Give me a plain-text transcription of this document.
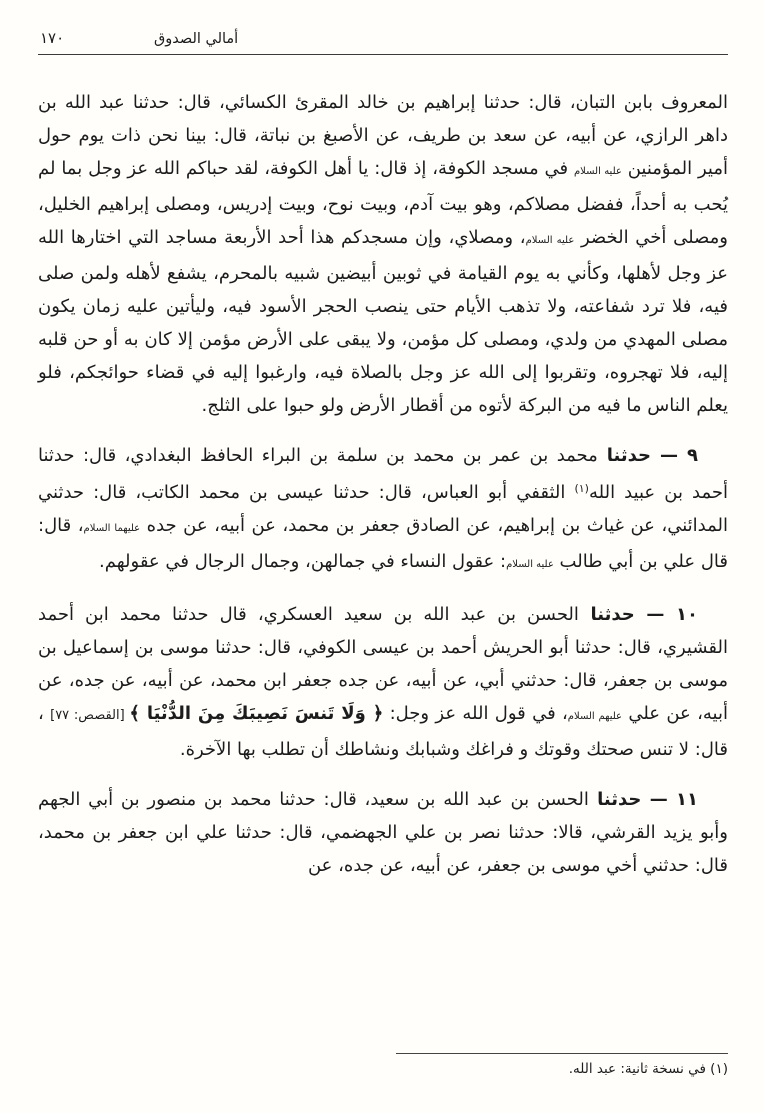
١٧٠	أمالي الصدوق

المعروف بابن التبان، قال: حدثنا إبراهيم بن خالد المقرئ الكسائي، قال: حدثنا عبد الله بن داهر الرازي، عن أبيه، عن سعد بن طريف، عن الأصبغ بن نباتة، قال: بينا نحن ذات يوم حول أمير المؤمنين عليه السلام في مسجد الكوفة، إذ قال: يا أهل الكوفة، لقد حباكم الله عز وجل بما لم يُحب به أحداً، ففضل مصلاكم، وهو بيت آدم، وبيت نوح، وبيت إدريس، ومصلى إبراهيم الخليل، ومصلى أخي الخضر عليه السلام، ومصلاي، وإن مسجدكم هذا أحد الأربعة مساجد التي اختارها الله عز وجل لأهلها، وكأني به يوم القيامة في ثوبين أبيضين شبيه بالمحرم، يشفع لأهله ولمن صلى فيه، فلا ترد شفاعته، ولا تذهب الأيام حتى ينصب الحجر الأسود فيه، وليأتين عليه زمان يكون مصلى المهدي من ولدي، ومصلى كل مؤمن، ولا يبقى على الأرض مؤمن إلا كان به أو حن قلبه إليه، فلا تهجروه، وتقربوا إلى الله عز وجل بالصلاة فيه، وارغبوا إليه في قضاء حوائجكم، فلو يعلم الناس ما فيه من البركة لأتوه من أقطار الأرض ولو حبوا على الثلج.

٩ — حدثنا محمد بن عمر بن محمد بن سلمة بن البراء الحافظ البغدادي، قال: حدثنا أحمد بن عبيد الله$^{(١)}$ الثقفي أبو العباس، قال: حدثنا عيسى بن محمد الكاتب، قال: حدثني المدائني، عن غياث بن إبراهيم، عن الصادق جعفر بن محمد، عن أبيه، عن جده عليهما السلام، قال: قال علي بن أبي طالب عليه السلام: عقول النساء في جمالهن، وجمال الرجال في عقولهم.

١٠ — حدثنا الحسن بن عبد الله بن سعيد العسكري، قال حدثنا محمد ابن أحمد القشيري، قال: حدثنا أبو الحريش أحمد بن عيسى الكوفي، قال: حدثنا موسى بن إسماعيل بن موسى بن جعفر، قال: حدثني أبي، عن أبيه، عن جده جعفر ابن محمد، عن أبيه، عن جده، عن أبيه، عن علي عليهم السلام، في قول الله عز وجل: ﴿ وَلَا تَنسَ نَصِيبَكَ مِنَ الدُّنْيَا ﴾ [القصص: ٧٧] ، قال: لا تنس صحتك وقوتك و فراغك وشبابك ونشاطك أن تطلب بها الآخرة.

١١ — حدثنا الحسن بن عبد الله بن سعيد، قال: حدثنا محمد بن منصور بن أبي الجهم وأبو يزيد القرشي، قالا: حدثنا نصر بن علي الجهضمي، قال: حدثنا علي ابن جعفر بن محمد، قال: حدثني أخي موسى بن جعفر، عن أبيه، عن جده، عن

(١) في نسخة ثانية: عبد الله.
